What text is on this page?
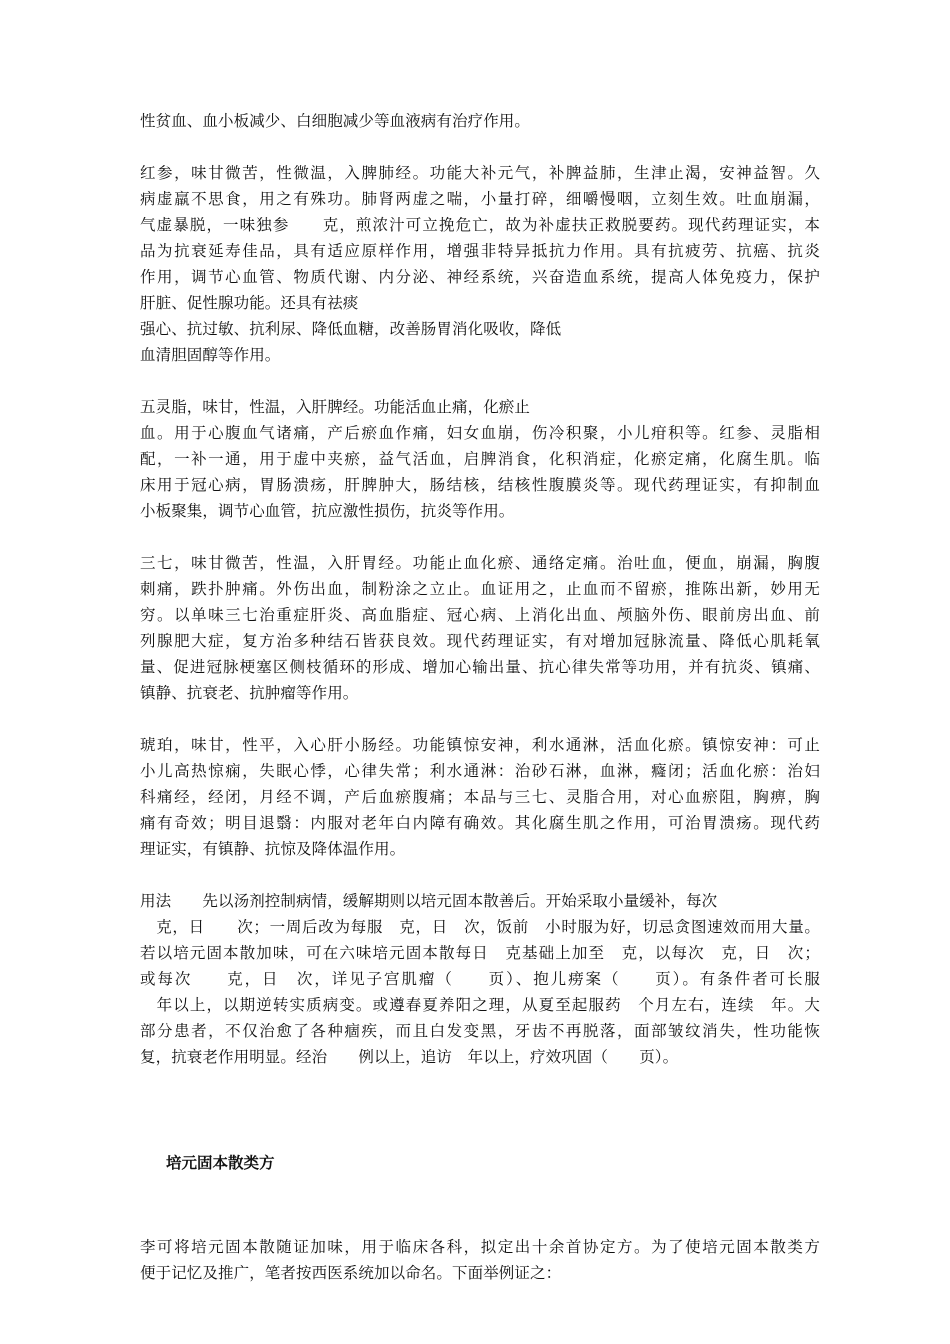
性贫血、血小板减少、白细胞减少等血液病有治疗作用。

红参，味甘微苦，性微温，入脾肺经。功能大补元气，补脾益肺，生津止渴，安神益智。久
病虚羸不思食，用之有殊功。肺肾两虚之喘，小量打碎，细嚼慢咽，立刻生效。吐血崩漏，
气虚暴脱，一味独参　　克，煎浓汁可立挽危亡，故为补虚扶正救脱要药。现代药理证实，本
品为抗衰延寿佳品，具有适应原样作用，增强非特异抵抗力作用。具有抗疲劳、抗癌、抗炎
作用，调节心血管、物质代谢、内分泌、神经系统，兴奋造血系统，提高人体免疫力，保护
肝脏、促性腺功能。还具有祛痰
强心、抗过敏、抗利尿、降低血糖，改善肠胃消化吸收，降低
血清胆固醇等作用。

五灵脂，味甘，性温，入肝脾经。功能活血止痛，化瘀止
血。用于心腹血气诸痛，产后瘀血作痛，妇女血崩，伤冷积聚，小儿疳积等。红参、灵脂相
配，一补一通，用于虚中夹瘀，益气活血，启脾消食，化积消症，化瘀定痛，化腐生肌。临
床用于冠心病，胃肠溃疡，肝脾肿大，肠结核，结核性腹膜炎等。现代药理证实，有抑制血
小板聚集，调节心血管，抗应激性损伤，抗炎等作用。

三七，味甘微苦，性温，入肝胃经。功能止血化瘀、通络定痛。治吐血，便血，崩漏，胸腹
刺痛，跌扑肿痛。外伤出血，制粉涂之立止。血证用之，止血而不留瘀，推陈出新，妙用无
穷。以单味三七治重症肝炎、高血脂症、冠心病、上消化出血、颅脑外伤、眼前房出血、前
列腺肥大症，复方治多种结石皆获良效。现代药理证实，有对增加冠脉流量、降低心肌耗氧
量、促进冠脉梗塞区侧枝循环的形成、增加心输出量、抗心律失常等功用，并有抗炎、镇痛、
镇静、抗衰老、抗肿瘤等作用。

琥珀，味甘，性平，入心肝小肠经。功能镇惊安神，利水通淋，活血化瘀。镇惊安神：可止
小儿高热惊痫，失眠心悸，心律失常；利水通淋：治砂石淋，血淋，癃闭；活血化瘀：治妇
科痛经，经闭，月经不调，产后血瘀腹痛；本品与三七、灵脂合用，对心血瘀阻，胸痹，胸
痛有奇效；明目退翳：内服对老年白内障有确效。其化腐生肌之作用，可治胃溃疡。现代药
理证实，有镇静、抗惊及降体温作用。

用法　　先以汤剂控制病情，缓解期则以培元固本散善后。开始采取小量缓补，每次　　
　克，日　　次；一周后改为每服　克，日　次，饭前　小时服为好，切忌贪图速效而用大量。
若以培元固本散加味，可在六味培元固本散每日　克基础上加至　克，以每次　克，日　次；
或每次　　克，日　次，详见子宫肌瘤（　　页）、抱儿痨案（　　页）。有条件者可长服
　年以上，以期逆转实质病变。或遵春夏养阳之理，从夏至起服药　个月左右，连续　年。大
部分患者，不仅治愈了各种痼疾，而且白发变黑，牙齿不再脱落，面部皱纹消失，性功能恢
复，抗衰老作用明显。经治　　例以上，追访　年以上，疗效巩固（　　页）。

培元固本散类方

李可将培元固本散随证加味，用于临床各科，拟定出十余首协定方。为了使培元固本散类方
便于记忆及推广，笔者按西医系统加以命名。下面举例证之：
